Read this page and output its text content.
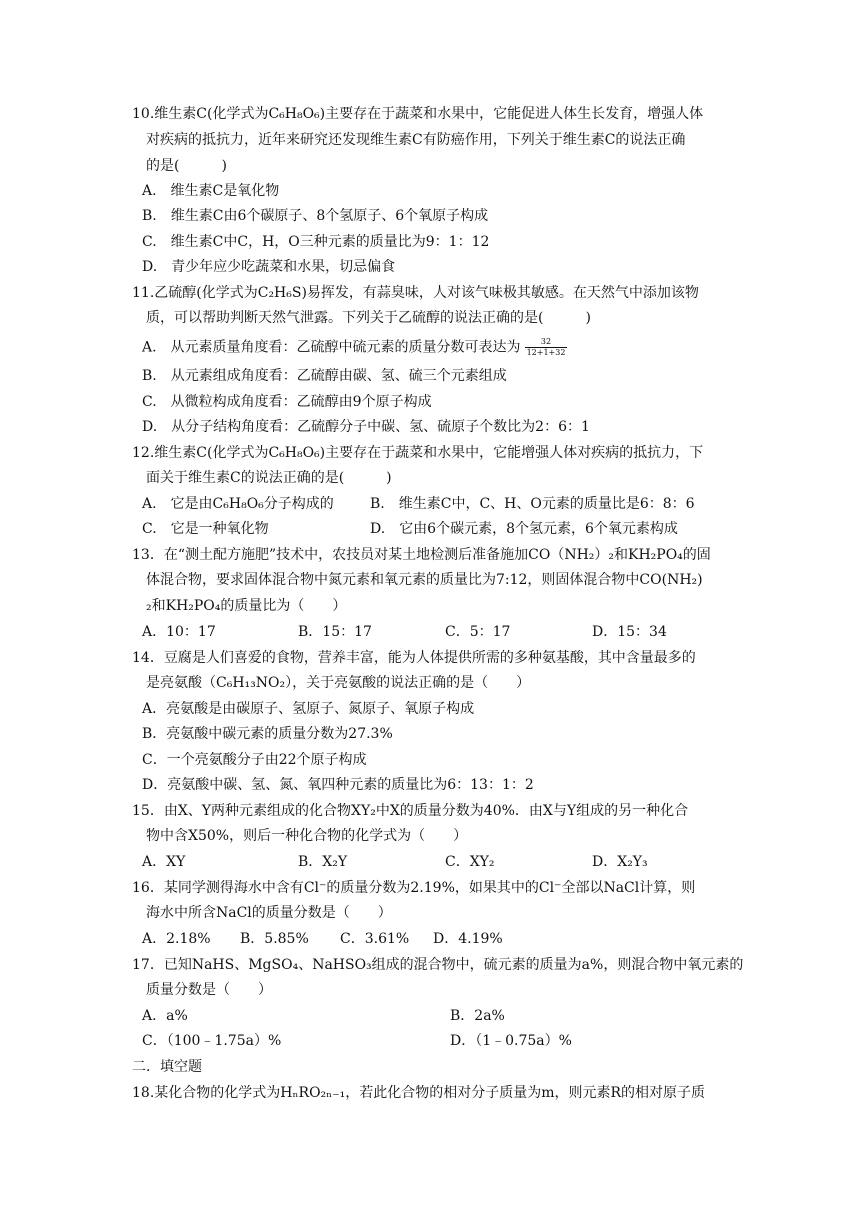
10.维生素C(化学式为C₆H₈O₆)主要存在于蔬菜和水果中，它能促进人体生长发育，增强人体
对疾病的抵抗力，近年来研究还发现维生素C有防癌作用，下列关于维生素C的说法正确
的是(　　　)
A.　维生素C是氧化物
B.　维生素C由6个碳原子、8个氢原子、6个氧原子构成
C.　维生素C中C，H，O三种元素的质量比为9：1：12
D.　青少年应少吃蔬菜和水果，切忌偏食
11.乙硫醇(化学式为C₂H₆S)易挥发，有蒜臭味，人对该气味极其敏感。在天然气中添加该物
质，可以帮助判断天然气泄露。下列关于乙硫醇的说法正确的是(　　　)
A.　从元素质量角度看：乙硫醇中硫元素的质量分数可表达为 $\frac{32}{12+1+32}$
B.　从元素组成角度看：乙硫醇由碳、氢、硫三个元素组成
C.　从微粒构成角度看：乙硫醇由9个原子构成
D.　从分子结构角度看：乙硫醇分子中碳、氢、硫原子个数比为2：6：1
12.维生素C(化学式为C₆H₈O₆)主要存在于蔬菜和水果中，它能增强人体对疾病的抵抗力，下
面关于维生素C的说法正确的是(　　　)
A.　它是由C₆H₈O₆分子构成的	B.　维生素C中，C、H、O元素的质量比是6：8：6
C.　它是一种氧化物	D.　它由6个碳元素，8个氢元素，6个氧元素构成
13．在“测土配方施肥”技术中，农技员对某土地检测后准备施加CO（NH₂）₂和KH₂PO₄的固
体混合物，要求固体混合物中氮元素和氧元素的质量比为7:12，则固体混合物中CO(NH₂)
₂和KH₂PO₄的质量比为（　　）
A．10：17	B．15：17	C．5：17	D．15：34
14．豆腐是人们喜爱的食物，营养丰富，能为人体提供所需的多种氨基酸，其中含量最多的
是亮氨酸（C₆H₁₃NO₂），关于亮氨酸的说法正确的是（　　）
A．亮氨酸是由碳原子、氢原子、氮原子、氧原子构成
B．亮氨酸中碳元素的质量分数为27.3%
C．一个亮氨酸分子由22个原子构成
D．亮氨酸中碳、氢、氮、氧四种元素的质量比为6：13：1：2
15．由X、Y两种元素组成的化合物XY₂中X的质量分数为40%．由X与Y组成的另一种化合
物中含X50%，则后一种化合物的化学式为（　　）
A．XY	B．X₂Y	C．XY₂	D．X₂Y₃
16．某同学测得海水中含有Cl⁻的质量分数为2.19%，如果其中的Cl⁻全部以NaCl计算，则
海水中所含NaCl的质量分数是（　　）
A．2.18% B．5.85% C．3.61% D．4.19%
17．已知NaHS、MgSO₄、NaHSO₃组成的混合物中，硫元素的质量为a%，则混合物中氧元素的
质量分数是（　　）
A．a%	B．2a%
C．（100﹣1.75a）%	D．（1﹣0.75a）%
二．填空题
18.某化合物的化学式为HₙRO₂ₙ₋₁，若此化合物的相对分子质量为m，则元素R的相对原子质
